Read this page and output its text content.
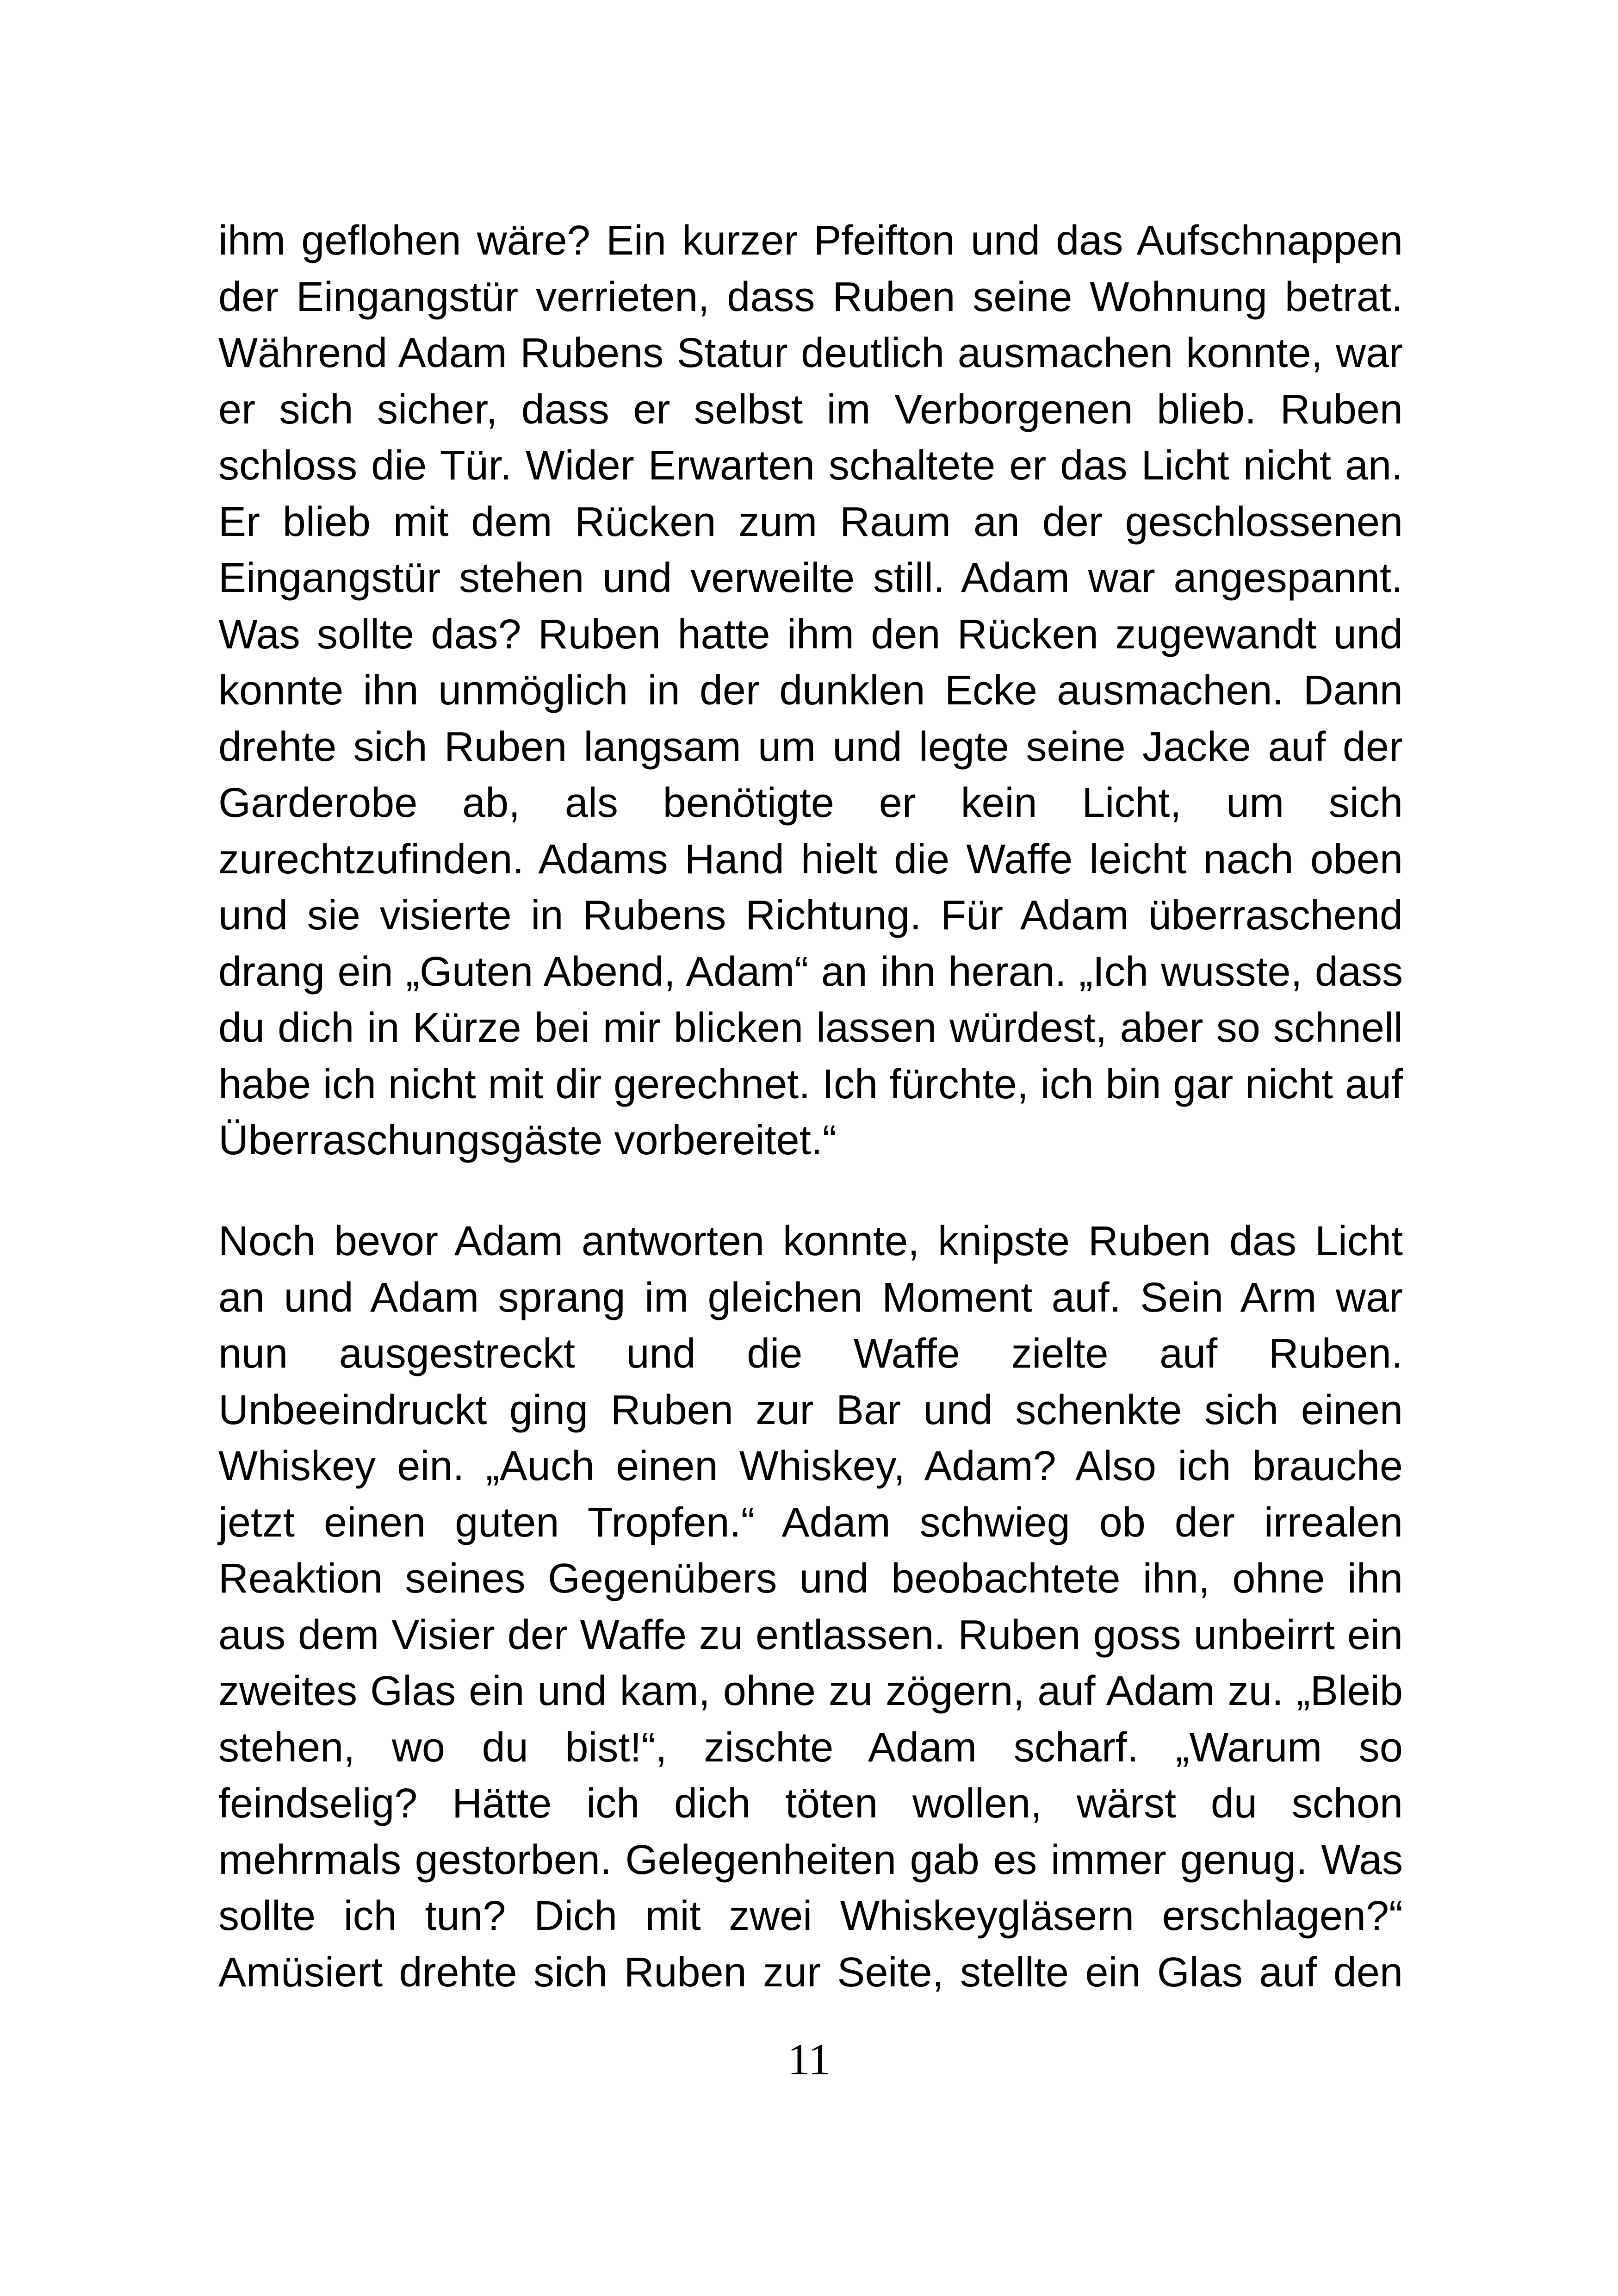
ihm geflohen wäre? Ein kurzer Pfeifton und das Aufschnappen
der Eingangstür verrieten, dass Ruben seine Wohnung betrat.
Während Adam Rubens Statur deutlich ausmachen konnte, war
er sich sicher, dass er selbst im Verborgenen blieb. Ruben
schloss die Tür. Wider Erwarten schaltete er das Licht nicht an.
Er blieb mit dem Rücken zum Raum an der geschlossenen
Eingangstür stehen und verweilte still. Adam war angespannt.
Was sollte das? Ruben hatte ihm den Rücken zugewandt und
konnte ihn unmöglich in der dunklen Ecke ausmachen. Dann
drehte sich Ruben langsam um und legte seine Jacke auf der
Garderobe ab, als benötigte er kein Licht, um sich
zurechtzufinden. Adams Hand hielt die Waffe leicht nach oben
und sie visierte in Rubens Richtung. Für Adam überraschend
drang ein „Guten Abend, Adam“ an ihn heran. „Ich wusste, dass
du dich in Kürze bei mir blicken lassen würdest, aber so schnell
habe ich nicht mit dir gerechnet. Ich fürchte, ich bin gar nicht auf
Überraschungsgäste vorbereitet.“
Noch bevor Adam antworten konnte, knipste Ruben das Licht
an und Adam sprang im gleichen Moment auf. Sein Arm war
nun ausgestreckt und die Waffe zielte auf Ruben.
Unbeeindruckt ging Ruben zur Bar und schenkte sich einen
Whiskey ein. „Auch einen Whiskey, Adam? Also ich brauche
jetzt einen guten Tropfen.“ Adam schwieg ob der irrealen
Reaktion seines Gegenübers und beobachtete ihn, ohne ihn
aus dem Visier der Waffe zu entlassen. Ruben goss unbeirrt ein
zweites Glas ein und kam, ohne zu zögern, auf Adam zu. „Bleib
stehen, wo du bist!“, zischte Adam scharf. „Warum so
feindselig? Hätte ich dich töten wollen, wärst du schon
mehrmals gestorben. Gelegenheiten gab es immer genug. Was
sollte ich tun? Dich mit zwei Whiskeygläsern erschlagen?“
Amüsiert drehte sich Ruben zur Seite, stellte ein Glas auf den
11
